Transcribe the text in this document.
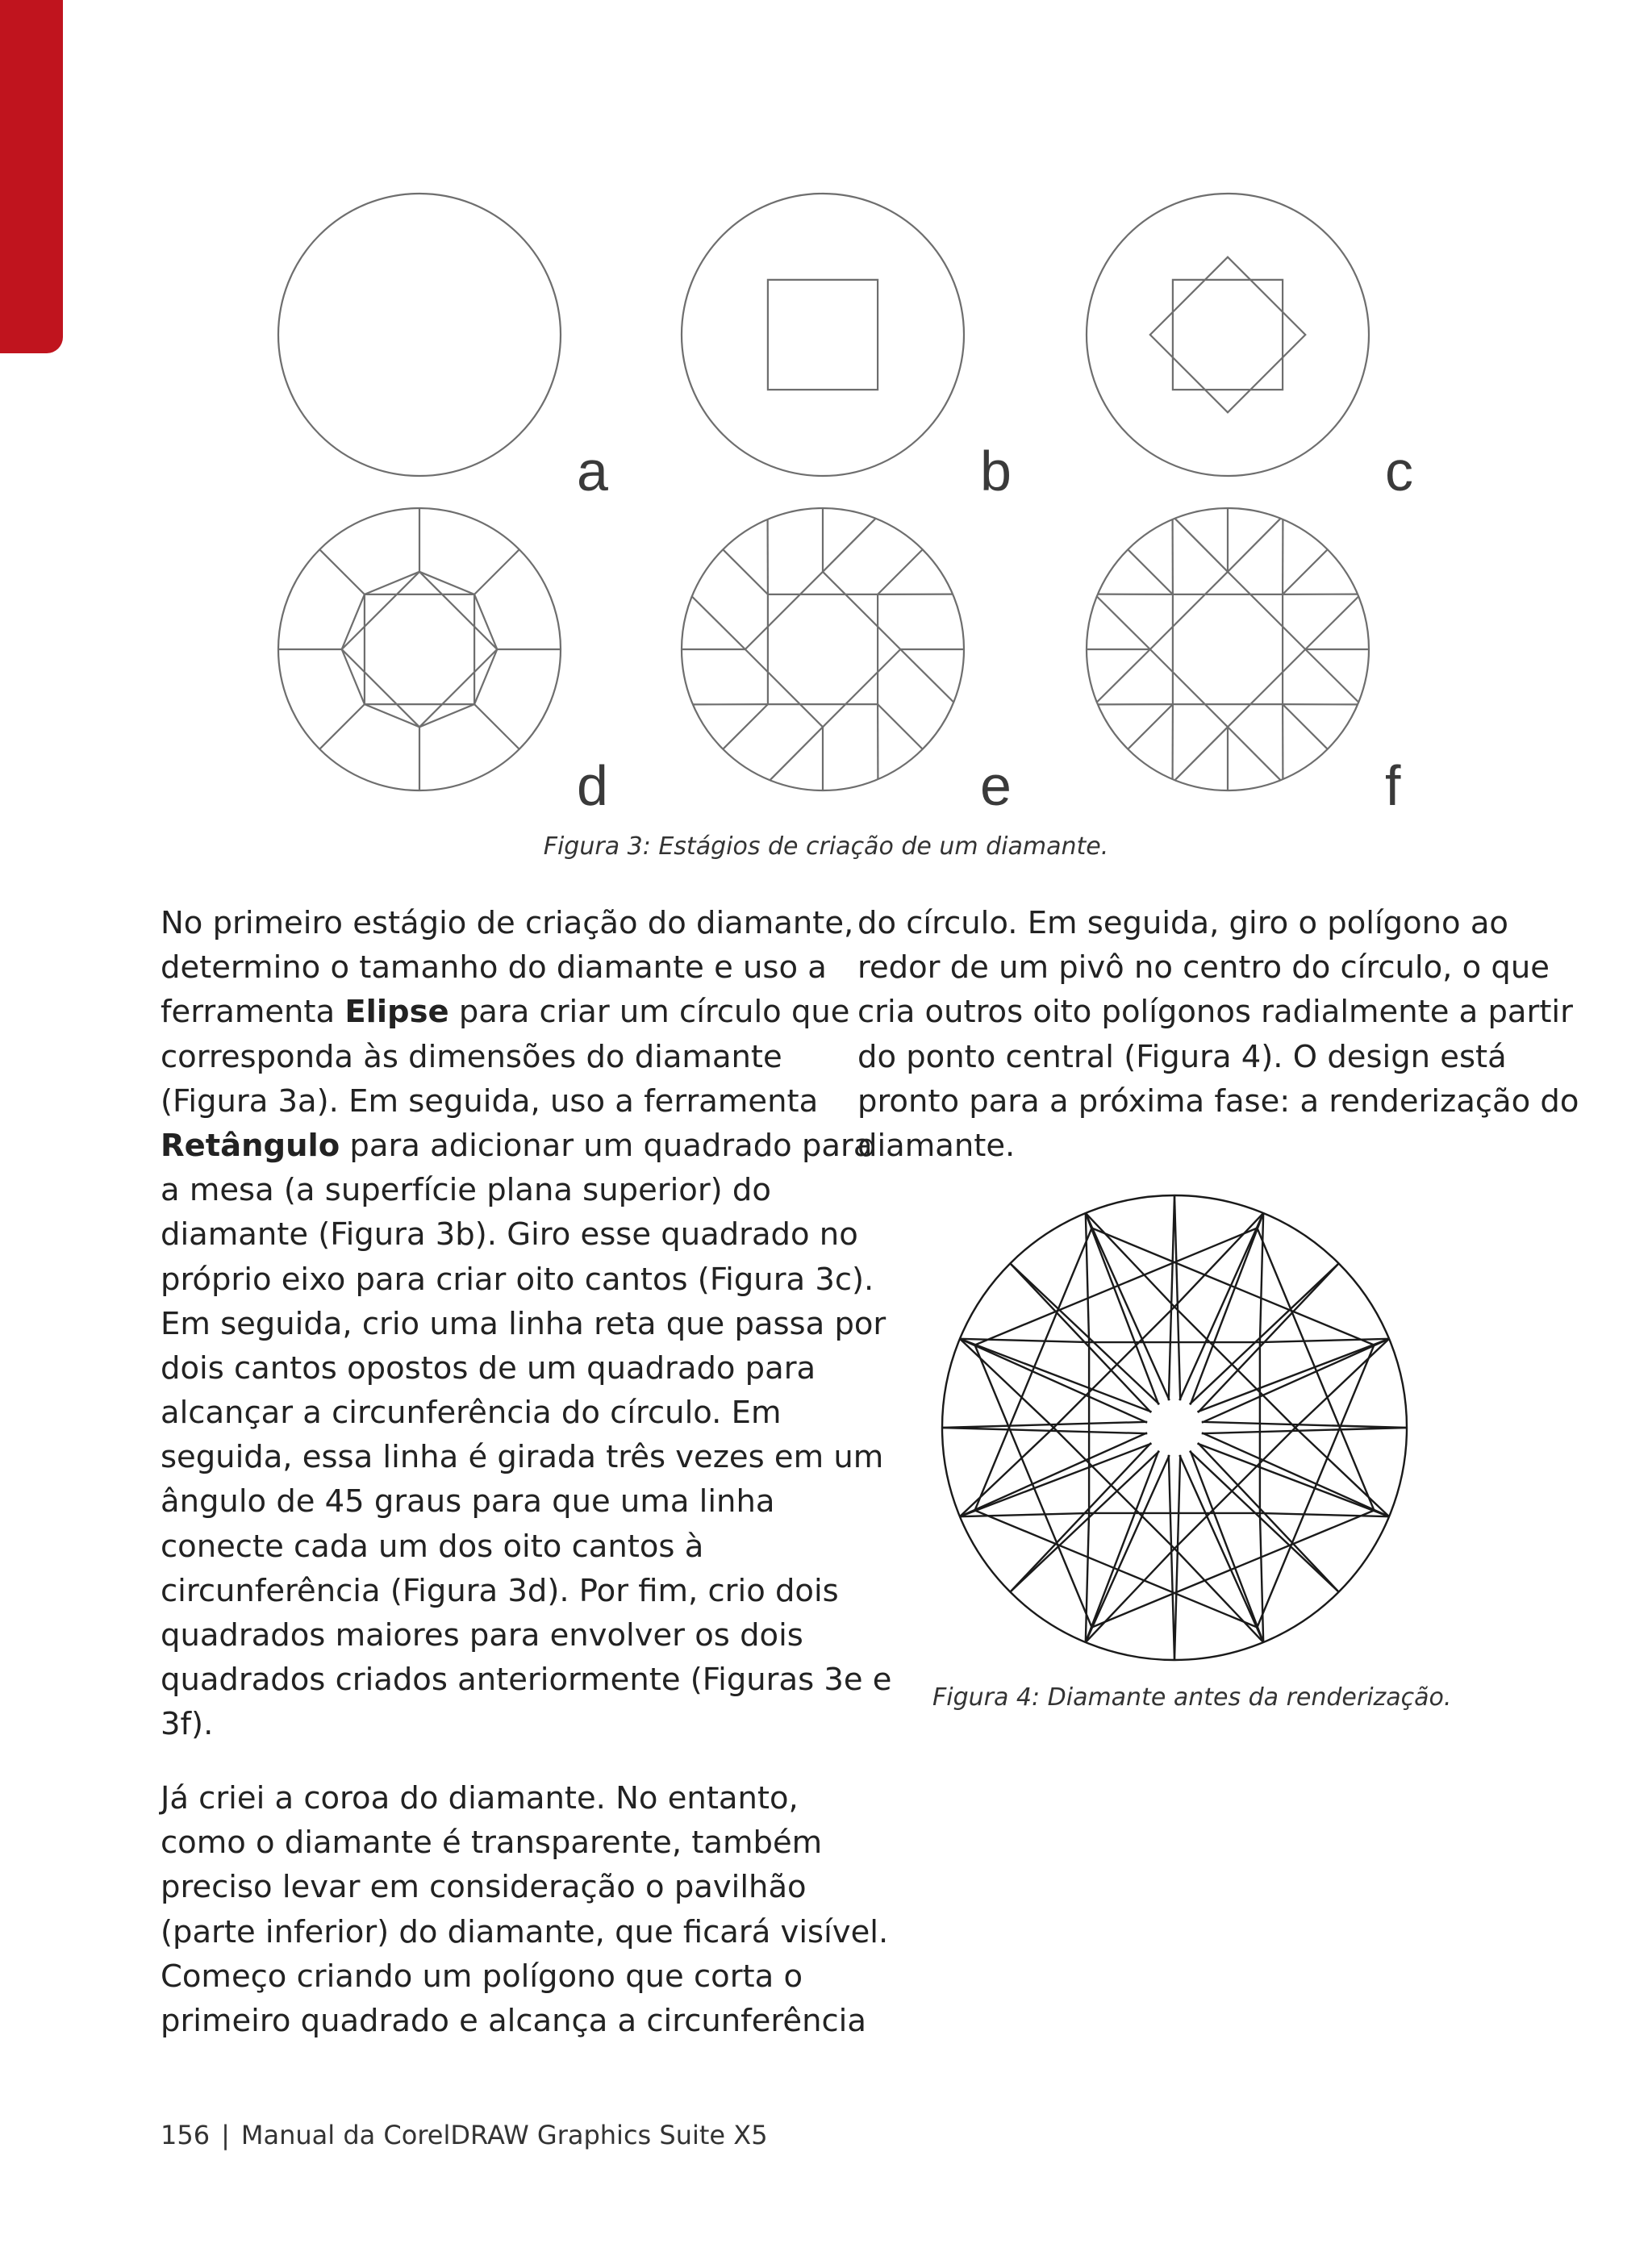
a	b	c
d	e	f
Figura 3: Estágios de criação de um diamante.
No primeiro estágio de criação do diamante,
determino o tamanho do diamante e uso a
ferramenta Elipse para criar um círculo que
corresponda às dimensões do diamante
(Figura 3a). Em seguida, uso a ferramenta
Retângulo para adicionar um quadrado para
a mesa (a superfície plana superior) do
diamante (Figura 3b). Giro esse quadrado no
próprio eixo para criar oito cantos (Figura 3c).
Em seguida, crio uma linha reta que passa por
dois cantos opostos de um quadrado para
alcançar a circunferência do círculo. Em
seguida, essa linha é girada três vezes em um
ângulo de 45 graus para que uma linha
conecte cada um dos oito cantos à
circunferência (Figura 3d). Por fim, crio dois
quadrados maiores para envolver os dois
quadrados criados anteriormente (Figuras 3e e
3f).
Já criei a coroa do diamante. No entanto,
como o diamante é transparente, também
preciso levar em consideração o pavilhão
(parte inferior) do diamante, que ficará visível.
Começo criando um polígono que corta o
primeiro quadrado e alcança a circunferência
do círculo. Em seguida, giro o polígono ao
redor de um pivô no centro do círculo, o que
cria outros oito polígonos radialmente a partir
do ponto central (Figura 4). O design está
pronto para a próxima fase: a renderização do
diamante.
Figura 4: Diamante antes da renderização.
156 | Manual da CorelDRAW Graphics Suite X5
